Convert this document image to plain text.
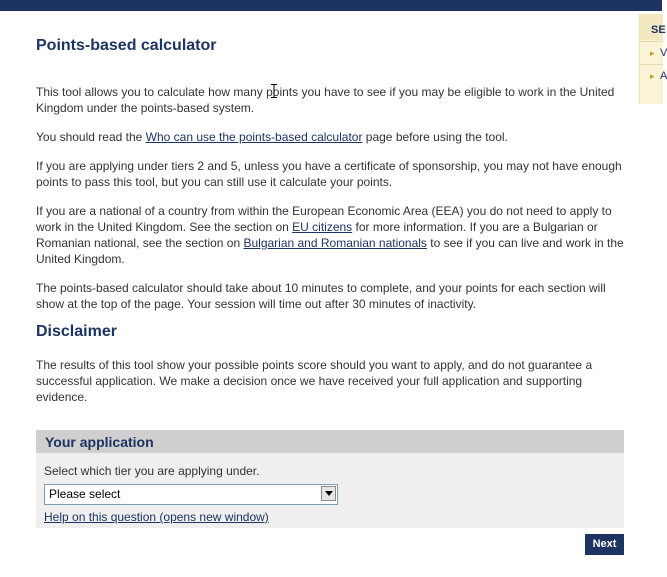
SE
▸ V
▸ A
Points-based calculator

This tool allows you to calculate how many points you have to see if you may be eligible to work in the United Kingdom under the points-based system.

You should read the Who can use the points-based calculator page before using the tool.

If you are applying under tiers 2 and 5, unless you have a certificate of sponsorship, you may not have enough points to pass this tool, but you can still use it calculate your points.

If you are a national of a country from within the European Economic Area (EEA) you do not need to apply to work in the United Kingdom. See the section on EU citizens for more information. If you are a Bulgarian or Romanian national, see the section on Bulgarian and Romanian nationals to see if you can live and work in the United Kingdom.

The points-based calculator should take about 10 minutes to complete, and your points for each section will show at the top of the page. Your session will time out after 30 minutes of inactivity.

Disclaimer

The results of this tool show your possible points score should you want to apply, and do not guarantee a successful application. We make a decision once we have received your full application and supporting evidence.

Your application
Select which tier you are applying under.
Please select
Help on this question (opens new window)
Next
